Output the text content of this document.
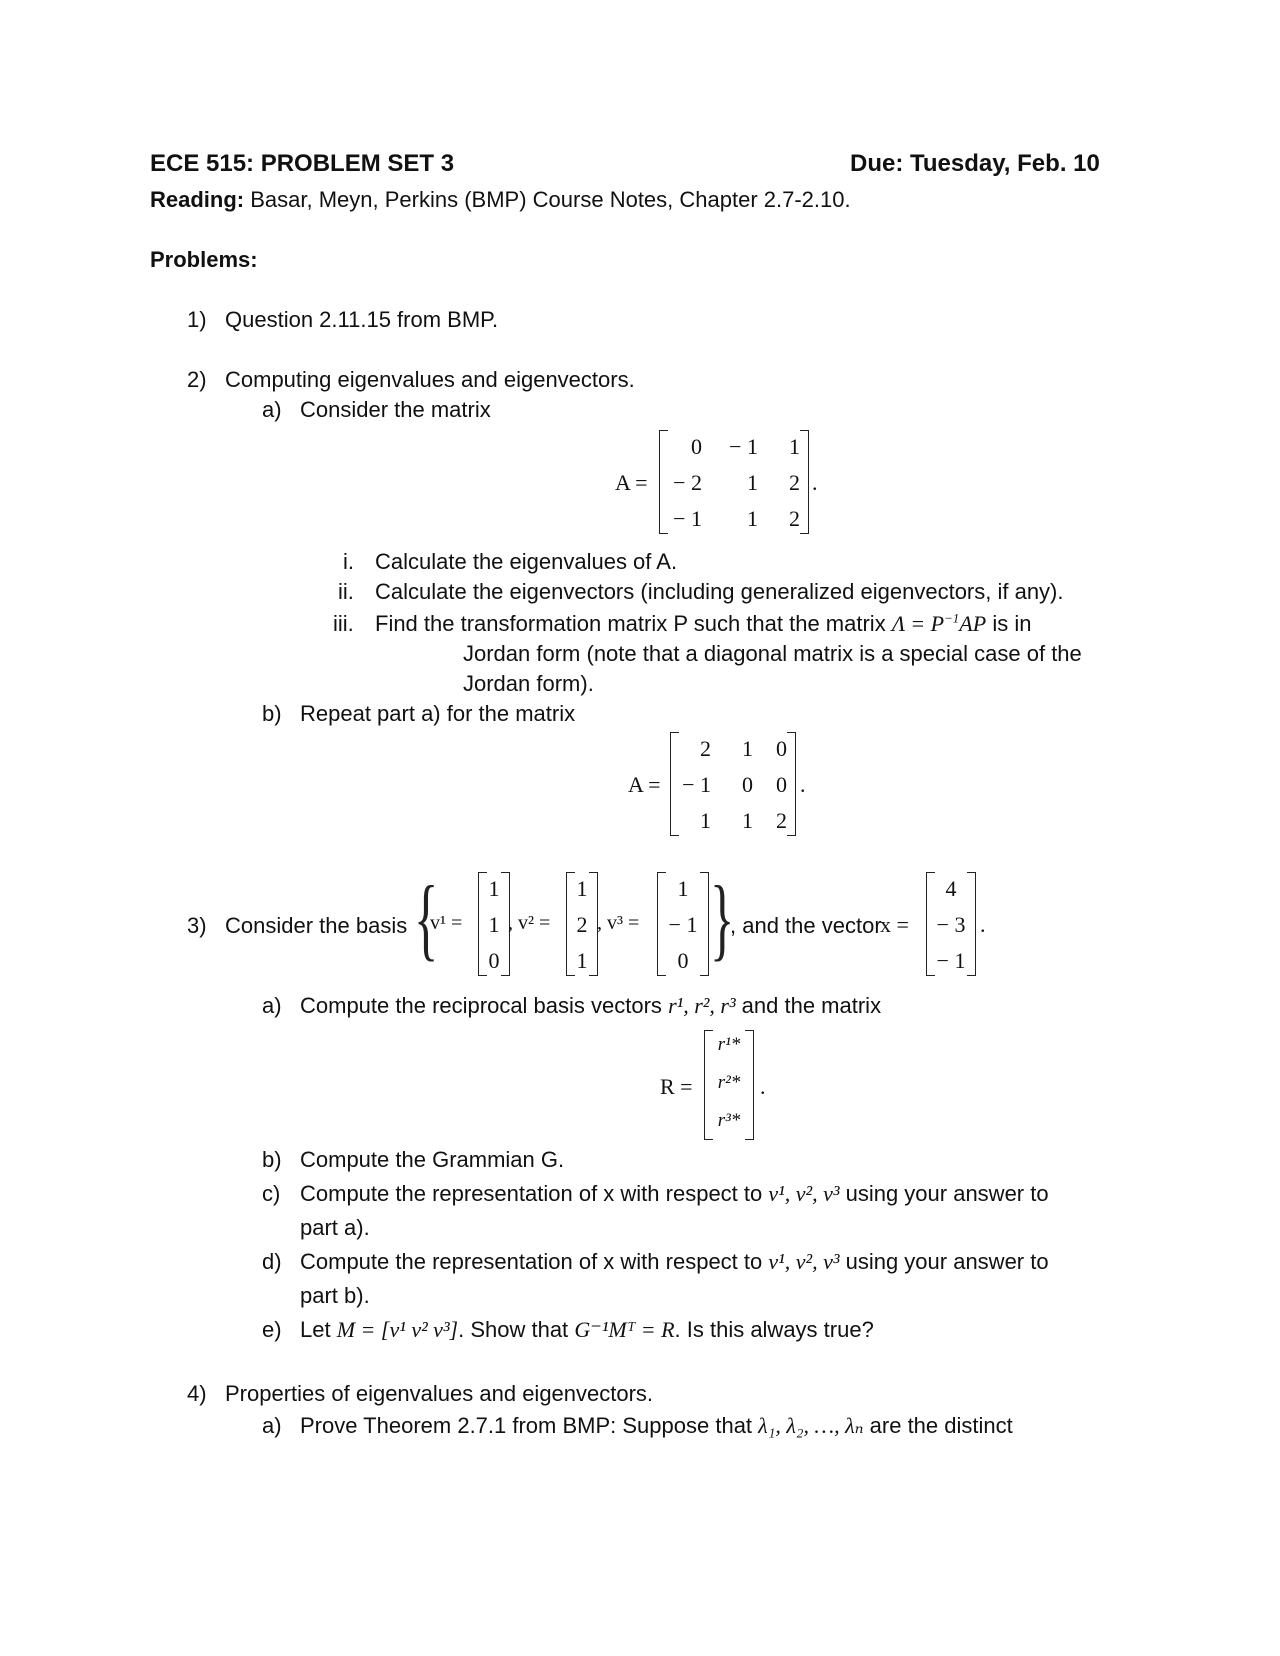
ECE 515: PROBLEM SET 3	Due: Tuesday, Feb. 10
Reading: Basar, Meyn, Perkins (BMP) Course Notes, Chapter 2.7-2.10.
Problems:
1) Question 2.11.15 from BMP.
2) Computing eigenvalues and eigenvectors.
a) Consider the matrix
A =
0 − 1 1
− 2 1 2
− 1 1 2
.
i. Calculate the eigenvalues of A.
ii. Calculate the eigenvectors (including generalized eigenvectors, if any).
iii. Find the transformation matrix P such that the matrix $\Lambda = P^{-1}AP$ is in
Jordan form (note that a diagonal matrix is a special case of the
Jordan form).
b) Repeat part a) for the matrix
A =
2 1 0
− 1 0 0
1 1 2
.
3) Consider the basis {
v¹ =
1
1
0
, v² =
1
2
1
, v³ =
1
− 1
0 }
, and the vector
x =
4
− 3
− 1
.
a) Compute the reciprocal basis vectors r¹, r², r³ and the matrix
R =
r¹*
r²*
r³*
.
b) Compute the Grammian G.
c) Compute the representation of x with respect to v¹, v², v³ using your answer to
part a).
d) Compute the representation of x with respect to v¹, v², v³ using your answer to
part b).
e) Let M = [v¹ v² v³]. Show that G⁻¹Mᵀ = R. Is this always true?
4) Properties of eigenvalues and eigenvectors.
a) Prove Theorem 2.7.1 from BMP: Suppose that λ₁, λ₂, …, λₙ are the distinct
